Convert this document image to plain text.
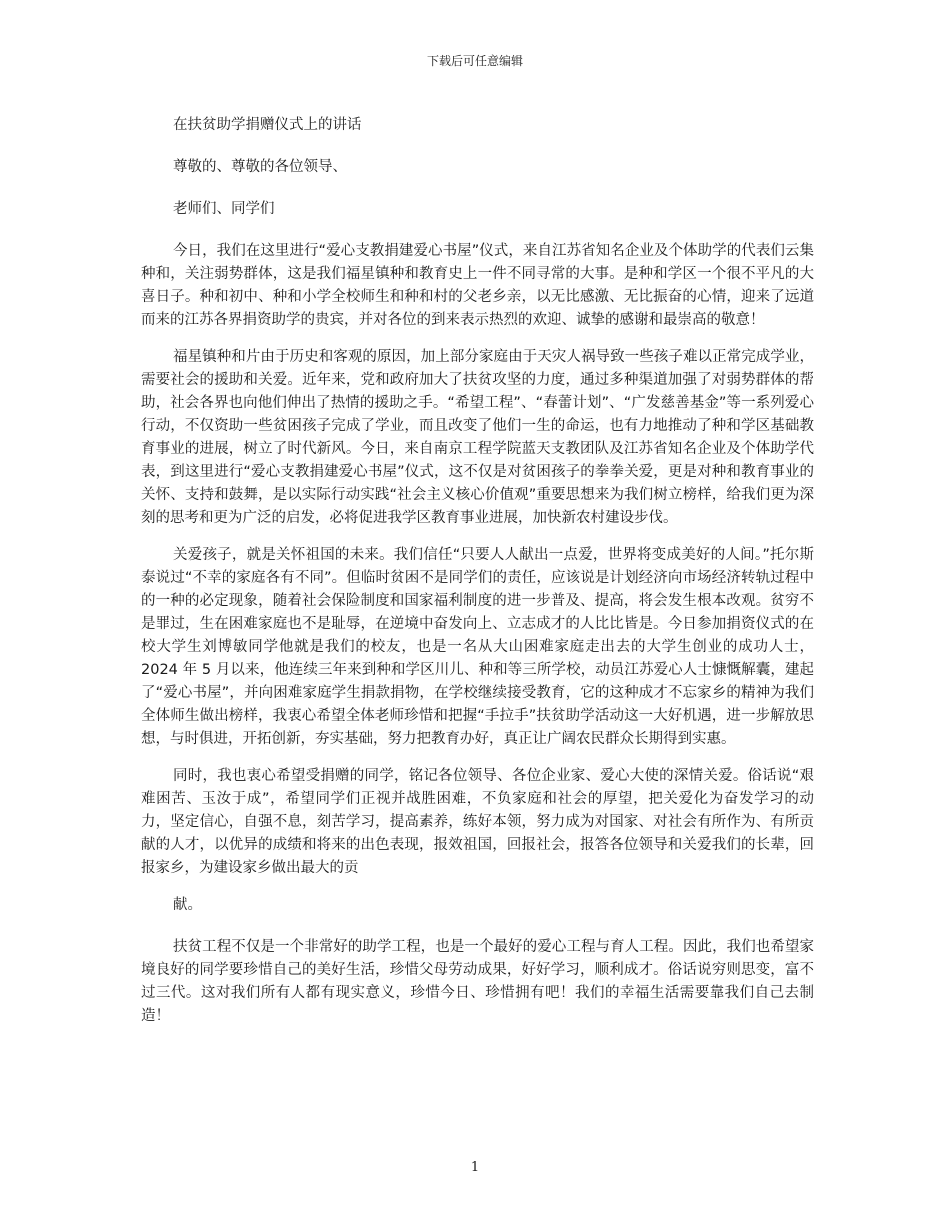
下载后可任意编辑

在扶贫助学捐赠仪式上的讲话

尊敬的、尊敬的各位领导、

老师们、同学们

今日，我们在这里进行“爱心支教捐建爱心书屋”仪式，来自江苏省知名企业及个体助学的代表们云集种和，关注弱势群体，这是我们福星镇种和教育史上一件不同寻常的大事。是种和学区一个很不平凡的大喜日子。种和初中、种和小学全校师生和种和村的父老乡亲，以无比感激、无比振奋的心情，迎来了远道而来的江苏各界捐资助学的贵宾，并对各位的到来表示热烈的欢迎、诚挚的感谢和最崇高的敬意！

福星镇种和片由于历史和客观的原因，加上部分家庭由于天灾人祸导致一些孩子难以正常完成学业，需要社会的援助和关爱。近年来，党和政府加大了扶贫攻坚的力度，通过多种渠道加强了对弱势群体的帮助，社会各界也向他们伸出了热情的援助之手。“希望工程”、“春蕾计划”、“广发慈善基金”等一系列爱心行动，不仅资助一些贫困孩子完成了学业，而且改变了他们一生的命运，也有力地推动了种和学区基础教育事业的进展，树立了时代新风。今日，来自南京工程学院蓝天支教团队及江苏省知名企业及个体助学代表，到这里进行“爱心支教捐建爱心书屋”仪式，这不仅是对贫困孩子的拳拳关爱，更是对种和教育事业的关怀、支持和鼓舞，是以实际行动实践“社会主义核心价值观”重要思想来为我们树立榜样，给我们更为深刻的思考和更为广泛的启发，必将促进我学区教育事业进展，加快新农村建设步伐。

关爱孩子，就是关怀祖国的未来。我们信任“只要人人献出一点爱，世界将变成美好的人间。”托尔斯泰说过“不幸的家庭各有不同”。但临时贫困不是同学们的责任，应该说是计划经济向市场经济转轨过程中的一种的必定现象，随着社会保险制度和国家福利制度的进一步普及、提高，将会发生根本改观。贫穷不是罪过，生在困难家庭也不是耻辱，在逆境中奋发向上、立志成才的人比比皆是。今日参加捐资仪式的在校大学生刘博敏同学他就是我们的校友，也是一名从大山困难家庭走出去的大学生创业的成功人士，2024 年 5 月以来，他连续三年来到种和学区川儿、种和等三所学校，动员江苏爱心人士慷慨解囊，建起了“爱心书屋”，并向困难家庭学生捐款捐物，在学校继续接受教育，它的这种成才不忘家乡的精神为我们全体师生做出榜样，我衷心希望全体老师珍惜和把握“手拉手”扶贫助学活动这一大好机遇，进一步解放思想，与时俱进，开拓创新，夯实基础，努力把教育办好，真正让广阔农民群众长期得到实惠。

同时，我也衷心希望受捐赠的同学，铭记各位领导、各位企业家、爱心大使的深情关爱。俗话说“艰难困苦、玉汝于成”，希望同学们正视并战胜困难，不负家庭和社会的厚望，把关爱化为奋发学习的动力，坚定信心，自强不息，刻苦学习，提高素养，练好本领，努力成为对国家、对社会有所作为、有所贡献的人才，以优异的成绩和将来的出色表现，报效祖国，回报社会，报答各位领导和关爱我们的长辈，回报家乡，为建设家乡做出最大的贡

献。

扶贫工程不仅是一个非常好的助学工程，也是一个最好的爱心工程与育人工程。因此，我们也希望家境良好的同学要珍惜自己的美好生活，珍惜父母劳动成果，好好学习，顺利成才。俗话说穷则思变，富不过三代。这对我们所有人都有现实意义，珍惜今日、珍惜拥有吧！我们的幸福生活需要靠我们自己去制造！

1
